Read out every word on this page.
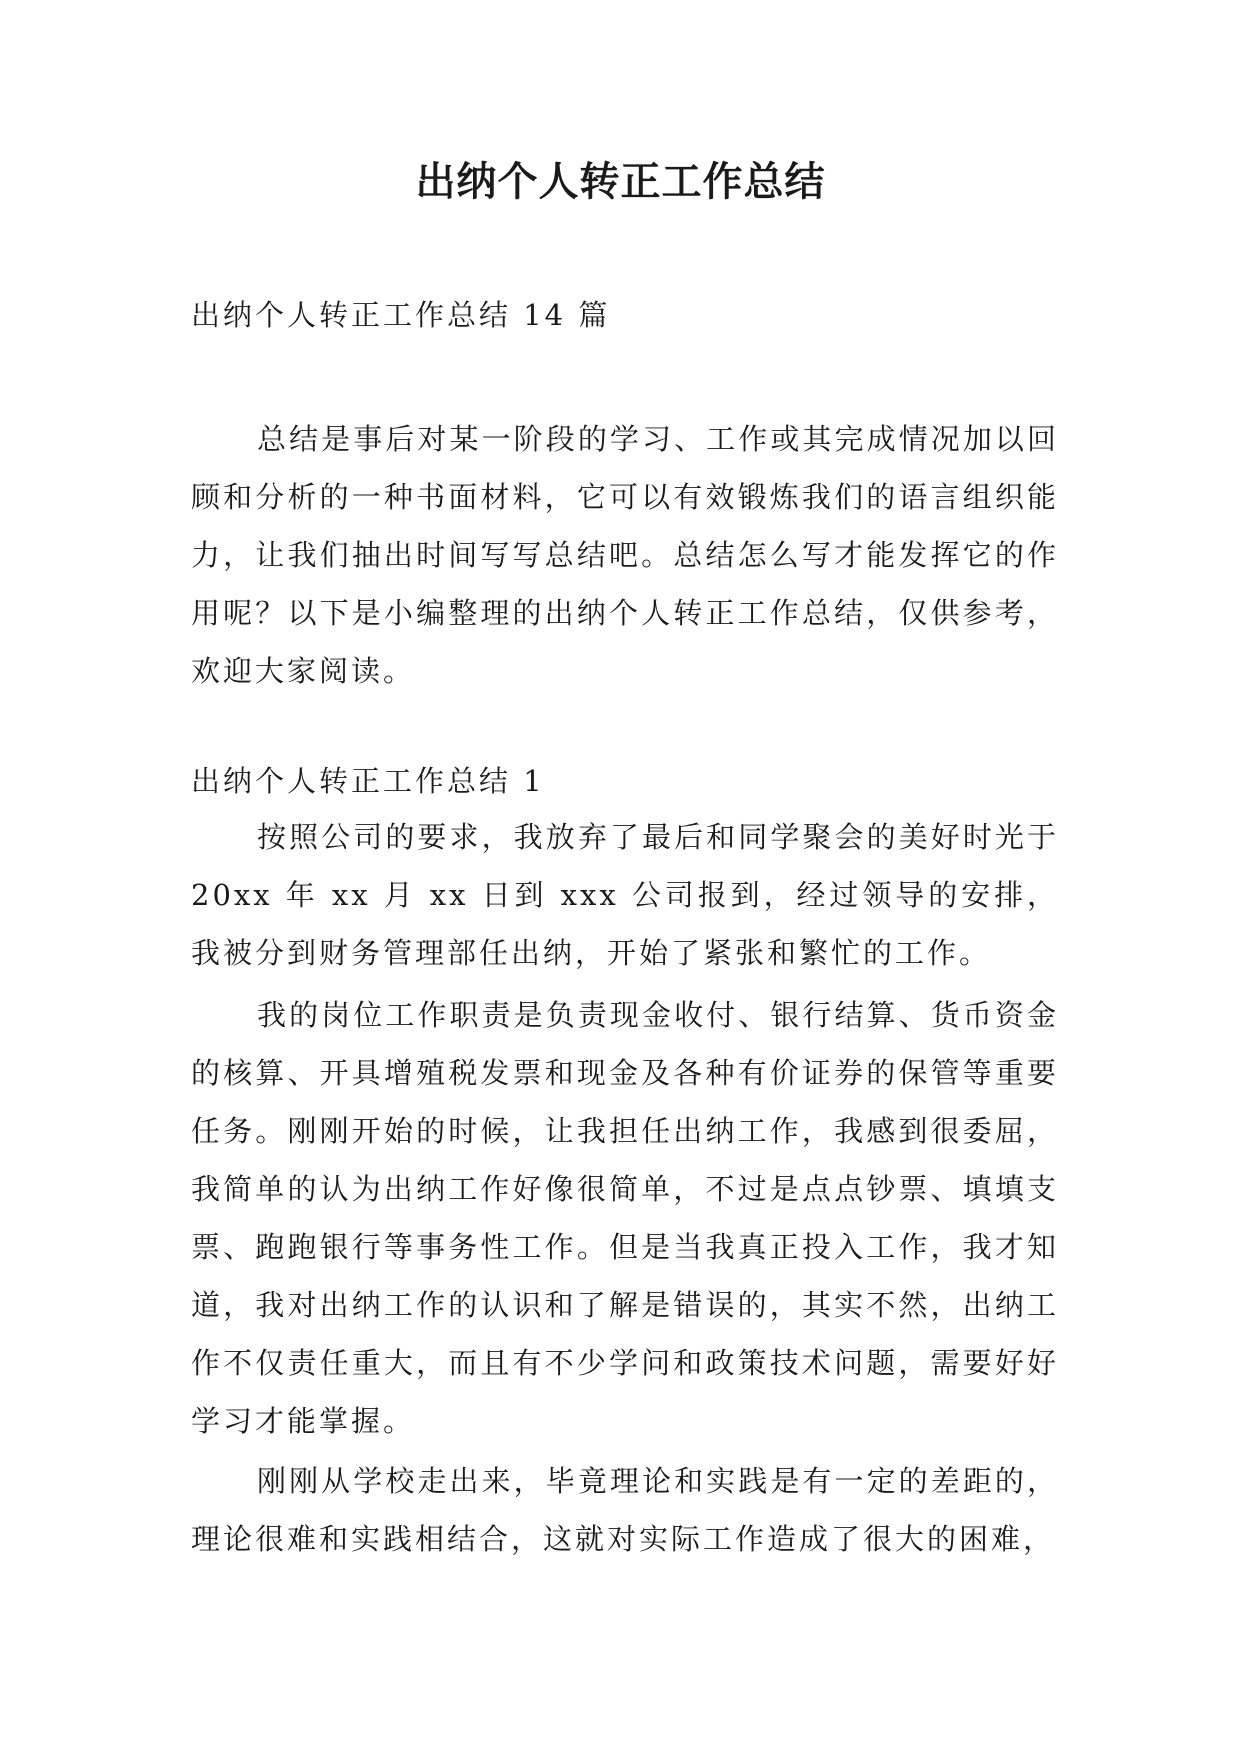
出纳个人转正工作总结

出纳个人转正工作总结 14 篇

总结是事后对某一阶段的学习、工作或其完成情况加以回顾和分析的一种书面材料，它可以有效锻炼我们的语言组织能力，让我们抽出时间写写总结吧。总结怎么写才能发挥它的作用呢？以下是小编整理的出纳个人转正工作总结，仅供参考，欢迎大家阅读。

出纳个人转正工作总结 1

按照公司的要求，我放弃了最后和同学聚会的美好时光于 20xx 年 xx 月 xx 日到 xxx 公司报到，经过领导的安排，我被分到财务管理部任出纳，开始了紧张和繁忙的工作。

我的岗位工作职责是负责现金收付、银行结算、货币资金的核算、开具增殖税发票和现金及各种有价证券的保管等重要任务。刚刚开始的时候，让我担任出纳工作，我感到很委屈，我简单的认为出纳工作好像很简单，不过是点点钞票、填填支票、跑跑银行等事务性工作。但是当我真正投入工作，我才知道，我对出纳工作的认识和了解是错误的，其实不然，出纳工作不仅责任重大，而且有不少学问和政策技术问题，需要好好学习才能掌握。

刚刚从学校走出来，毕竟理论和实践是有一定的差距的，理论很难和实践相结合，这就对实际工作造成了很大的困难，
